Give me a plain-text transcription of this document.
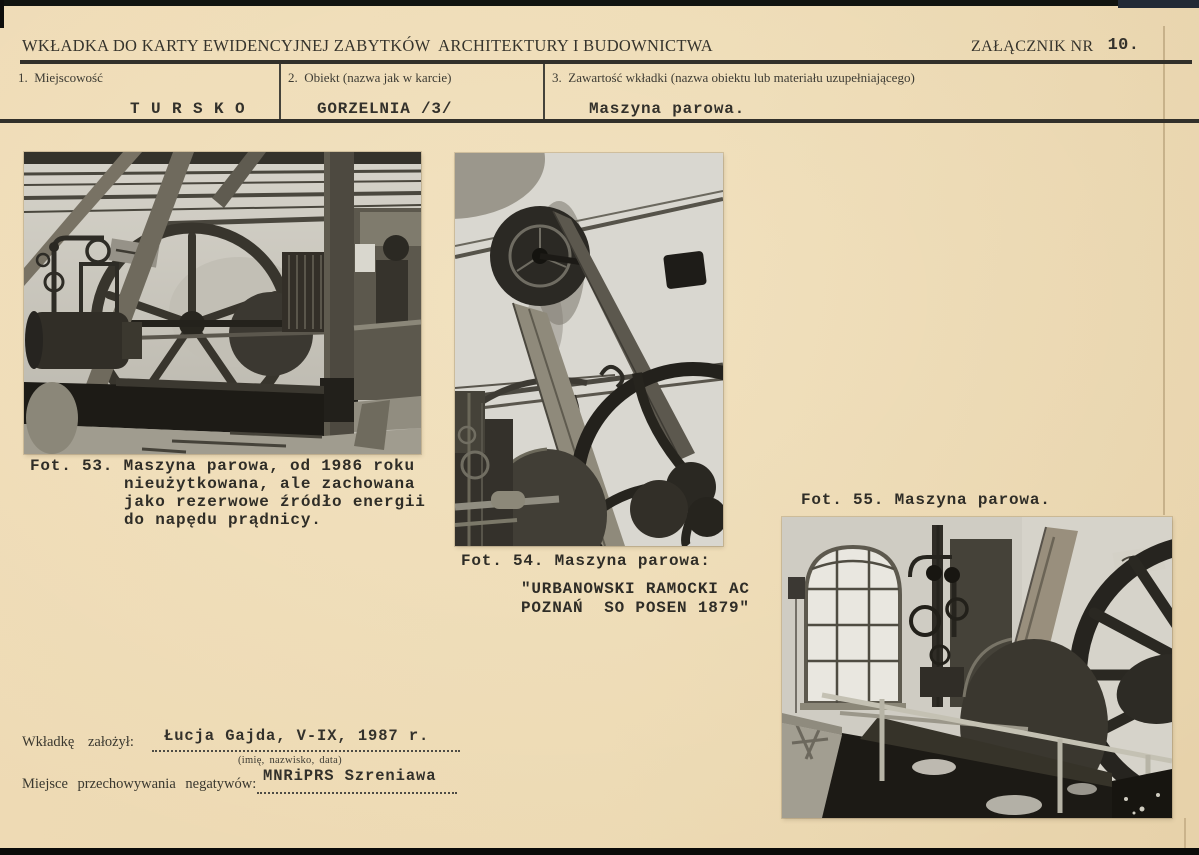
WKŁADKA DO KARTY EWIDENCYJNEJ ZABYTKÓW  ARCHITEKTURY I BUDOWNICTWA	ZAŁĄCZNIK NR 10.
1.  Miejscowość	2.  Obiekt (nazwa jak w karcie)	3.  Zawartość wkładki (nazwa obiektu lub materiału uzupełniającego)
T U R S K O	GORZELNIA /3/	Maszyna parowa.
Fot. 53. Maszyna parowa, od 1986 roku
nieużytkowana, ale zachowana
jako rezerwowe źródło energii
do napędu prądnicy.
Fot. 54. Maszyna parowa:
"URBANOWSKI RAMOCKI AC
POZNAŃ  SO POSEN 1879"
Fot. 55. Maszyna parowa.
Wkładkę założył: Łucja Gajda, V-IX, 1987 r.
(imię, nazwisko, data)
Miejsce przechowywania negatywów: MNRiPRS Szreniawa
